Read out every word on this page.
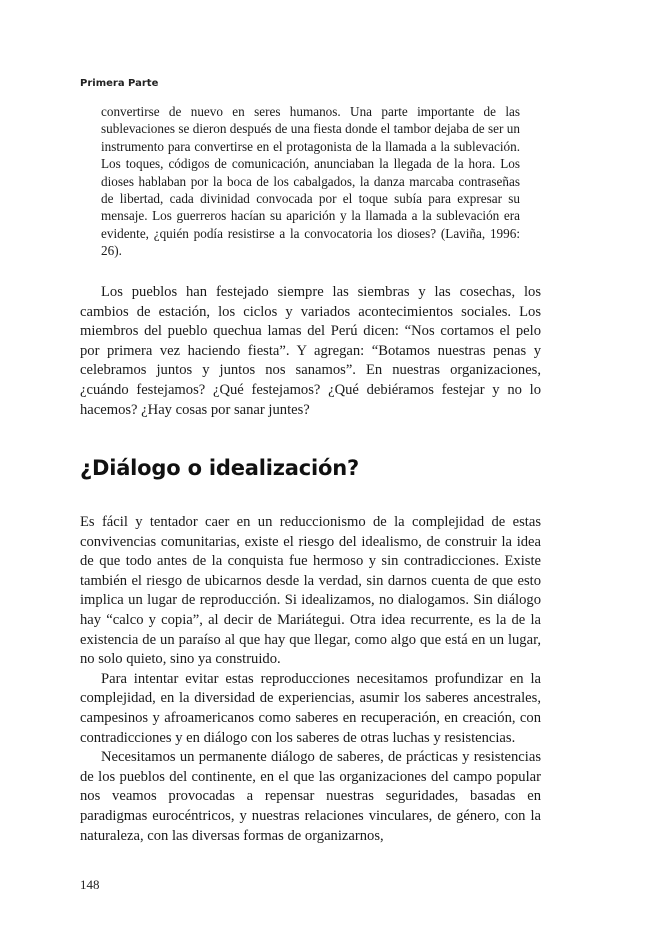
Primera Parte

convertirse de nuevo en seres humanos. Una parte importante de las sublevaciones se dieron después de una fiesta donde el tambor dejaba de ser un instrumento para convertirse en el protagonista de la llamada a la sublevación. Los toques, códigos de comunicación, anunciaban la llegada de la hora. Los dioses hablaban por la boca de los cabalgados, la danza marcaba contraseñas de libertad, cada divinidad convocada por el toque subía para expresar su mensaje. Los guerreros hacían su aparición y la llamada a la sublevación era evidente, ¿quién podía resistirse a la convocatoria los dioses? (Laviña, 1996: 26).

Los pueblos han festejado siempre las siembras y las cosechas, los cambios de estación, los ciclos y variados acontecimientos sociales. Los miembros del pueblo quechua lamas del Perú dicen: “Nos cortamos el pelo por primera vez haciendo fiesta”. Y agregan: “Botamos nuestras penas y celebramos juntos y juntos nos sanamos”. En nuestras organizaciones, ¿cuándo festejamos? ¿Qué festejamos? ¿Qué debiéramos festejar y no lo hacemos? ¿Hay cosas por sanar juntes?

¿Diálogo o idealización?

Es fácil y tentador caer en un reduccionismo de la complejidad de estas convivencias comunitarias, existe el riesgo del idealismo, de construir la idea de que todo antes de la conquista fue hermoso y sin contradicciones. Existe también el riesgo de ubicarnos desde la verdad, sin darnos cuenta de que esto implica un lugar de reproducción. Si idealizamos, no dialogamos. Sin diálogo hay “calco y copia”, al decir de Mariátegui. Otra idea recurrente, es la de la existencia de un paraíso al que hay que llegar, como algo que está en un lugar, no solo quieto, sino ya construido.

Para intentar evitar estas reproducciones necesitamos profundizar en la complejidad, en la diversidad de experiencias, asumir los saberes ancestrales, campesinos y afroamericanos como saberes en recuperación, en creación, con contradicciones y en diálogo con los saberes de otras luchas y resistencias.

Necesitamos un permanente diálogo de saberes, de prácticas y resistencias de los pueblos del continente, en el que las organizaciones del campo popular nos veamos provocadas a repensar nuestras seguridades, basadas en paradigmas eurocéntricos, y nuestras relaciones vinculares, de género, con la naturaleza, con las diversas formas de organizarnos,

148
